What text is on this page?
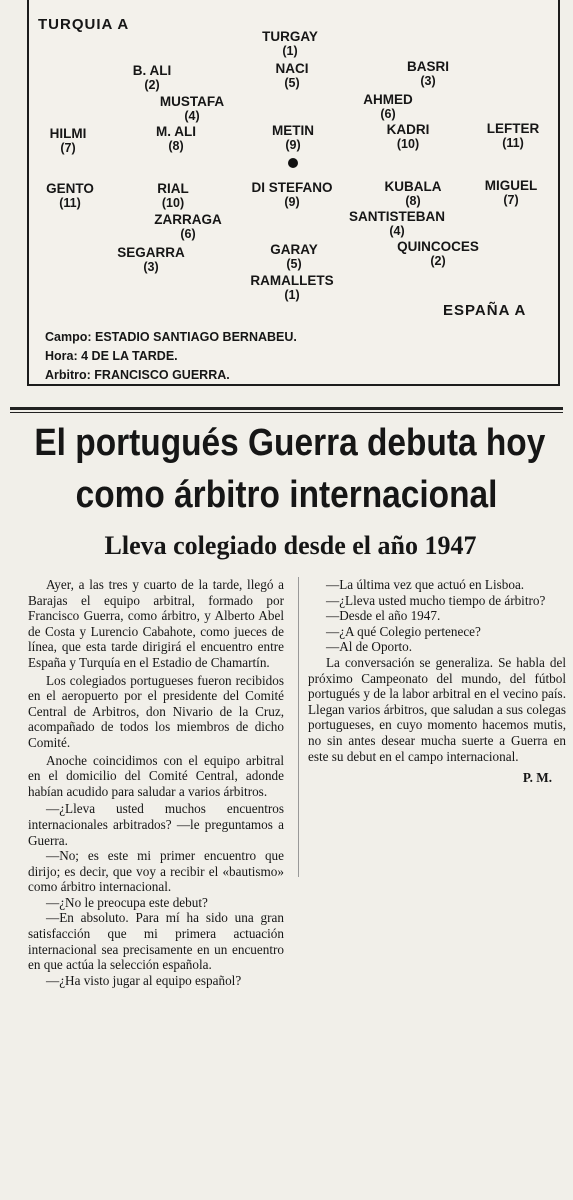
TURQUIA A
TURGAY
(1)
B. ALI
(2)
NACI
(5)
BASRI
(3)
MUSTAFA
(4)
AHMED
(6)
HILMI
(7)
M. ALI
(8)
METIN
(9)
KADRI
(10)
LEFTER
(11)
GENTO
(11)
RIAL
(10)
DI STEFANO
(9)
KUBALA
(8)
MIGUEL
(7)
ZARRAGA
(6)
SANTISTEBAN
(4)
SEGARRA
(3)
GARAY
(5)
QUINCOCES
(2)
RAMALLETS
(1)
ESPAÑA A
Campo: ESTADIO SANTIAGO BERNABEU.
Hora: 4 DE LA TARDE.
Arbitro: FRANCISCO GUERRA.
El portugués Guerra debuta hoy
como árbitro internacional
Lleva colegiado desde el año 1947

Ayer, a las tres y cuarto de la tarde, llegó a Barajas el equipo arbitral, formado por Francisco Guerra, como árbitro, y Alberto Abel de Costa y Lurencio Cabahote, como jueces de línea, que esta tarde dirigirá el encuentro entre España y Turquía en el Estadio de Chamartín.

Los colegiados portugueses fueron recibidos en el aeropuerto por el presidente del Comité Central de Arbitros, don Nivario de la Cruz, acompañado de todos los miembros de dicho Comité.

Anoche coincidimos con el equipo arbitral en el domicilio del Comité Central, adonde habían acudido para saludar a varios árbitros.

—¿Lleva usted muchos encuentros internacionales arbitrados? —le preguntamos a Guerra.

—No; es este mi primer encuentro que dirijo; es decir, que voy a recibir el «bautismo» como árbitro internacional.

—¿No le preocupa este debut?

—En absoluto. Para mí ha sido una gran satisfacción que mi primera actuación internacional sea precisamente en un encuentro en que actúa la selección española.

—¿Ha visto jugar al equipo español?

—La última vez que actuó en Lisboa.

—¿Lleva usted mucho tiempo de árbitro?

—Desde el año 1947.

—¿A qué Colegio pertenece?

—Al de Oporto.

La conversación se generaliza. Se habla del próximo Campeonato del mundo, del fútbol portugués y de la labor arbitral en el vecino país. Llegan varios árbitros, que saludan a sus colegas portugueses, en cuyo momento hacemos mutis, no sin antes desear mucha suerte a Guerra en este su debut en el campo internacional.

P. M.
